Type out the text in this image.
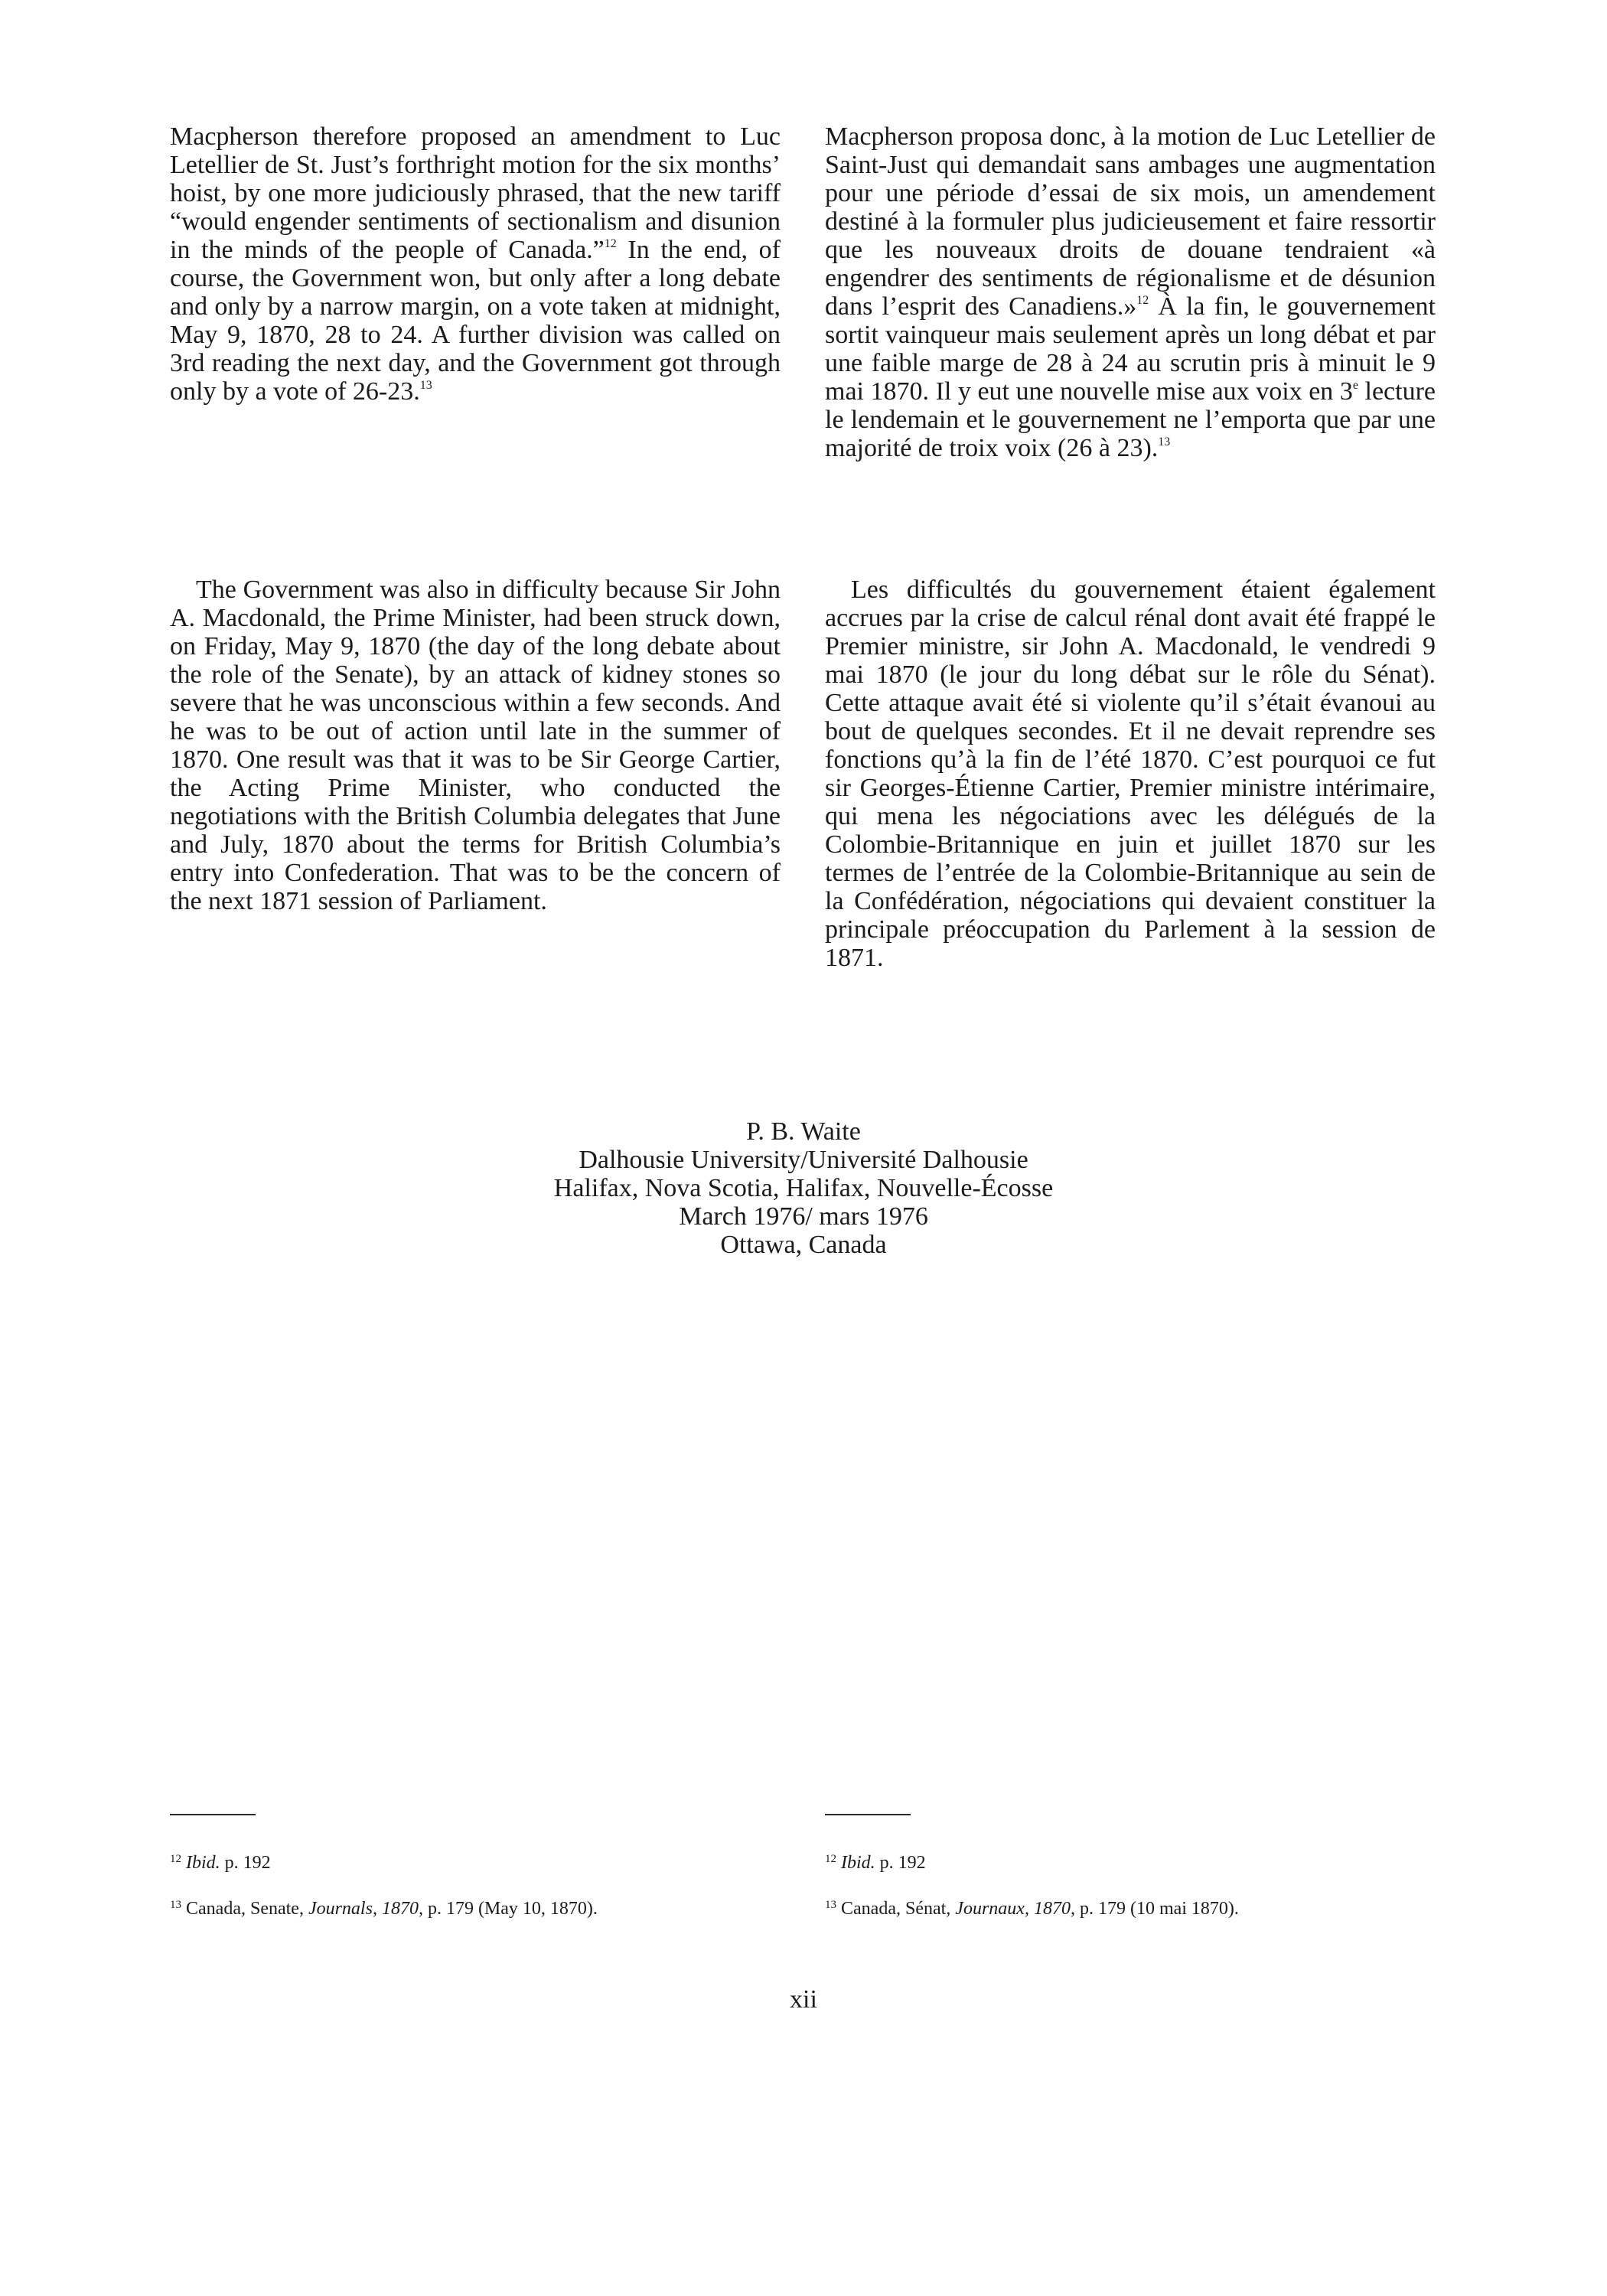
Macpherson therefore proposed an amendment to Luc Letellier de St. Just’s forthright motion for the six months’ hoist, by one more judiciously phrased, that the new tariff “would engender sentiments of sectionalism and disunion in the minds of the people of Canada.”$^{12}$ In the end, of course, the Government won, but only after a long debate and only by a narrow margin, on a vote taken at midnight, May 9, 1870, 28 to 24. A further division was called on 3rd reading the next day, and the Government got through only by a vote of 26-23.13

The Government was also in difficulty because Sir John A. Macdonald, the Prime Minister, had been struck down, on Friday, May 9, 1870 (the day of the long debate about the role of the Senate), by an attack of kidney stones so severe that he was unconscious within a few seconds. And he was to be out of action until late in the summer of 1870. One result was that it was to be Sir George Cartier, the Acting Prime Minister, who conducted the negotiations with the British Columbia delegates that June and July, 1870 about the terms for British Columbia’s entry into Confederation. That was to be the concern of the next 1871 session of Parliament.

Macpherson proposa donc, à la motion de Luc Letellier de Saint-Just qui demandait sans ambages une augmentation pour une période d’essai de six mois, un amendement destiné à la formuler plus judicieusement et faire ressortir que les nouveaux droits de douane tendraient «à engendrer des sentiments de régionalisme et de désunion dans l’esprit des Canadiens.»$^{12}$ À la fin, le gouvernement sortit vainqueur mais seulement après un long débat et par une faible marge de 28 à 24 au scrutin pris à minuit le 9 mai 1870. Il y eut une nouvelle mise aux voix en 3e lecture le lendemain et le gouvernement ne l’emporta que par une majorité de troix voix (26 à 23).$^{13}$

Les difficultés du gouvernement étaient également accrues par la crise de calcul rénal dont avait été frappé le Premier ministre, sir John A. Macdonald, le vendredi 9 mai 1870 (le jour du long débat sur le rôle du Sénat). Cette attaque avait été si violente qu’il s’était évanoui au bout de quelques secondes. Et il ne devait reprendre ses fonctions qu’à la fin de l’été 1870. C’est pourquoi ce fut sir Georges-Étienne Cartier, Premier ministre intérimaire, qui mena les négociations avec les délégués de la Colombie-Britannique en juin et juillet 1870 sur les termes de l’entrée de la Colombie-Britannique au sein de la Confédération, négociations qui devaient constituer la principale préoccupation du Parlement à la session de 1871.

P. B. Waite
Dalhousie University/Université Dalhousie
Halifax, Nova Scotia, Halifax, Nouvelle-Écosse
March 1976/ mars 1976
Ottawa, Canada
$^{12}$ Ibid. p. 192
$^{13}$ Canada, Senate, Journals, 1870, p. 179 (May 10, 1870).
$^{12}$ Ibid. p. 192
$^{13}$ Canada, Sénat, Journaux, 1870, p. 179 (10 mai 1870).
xii
